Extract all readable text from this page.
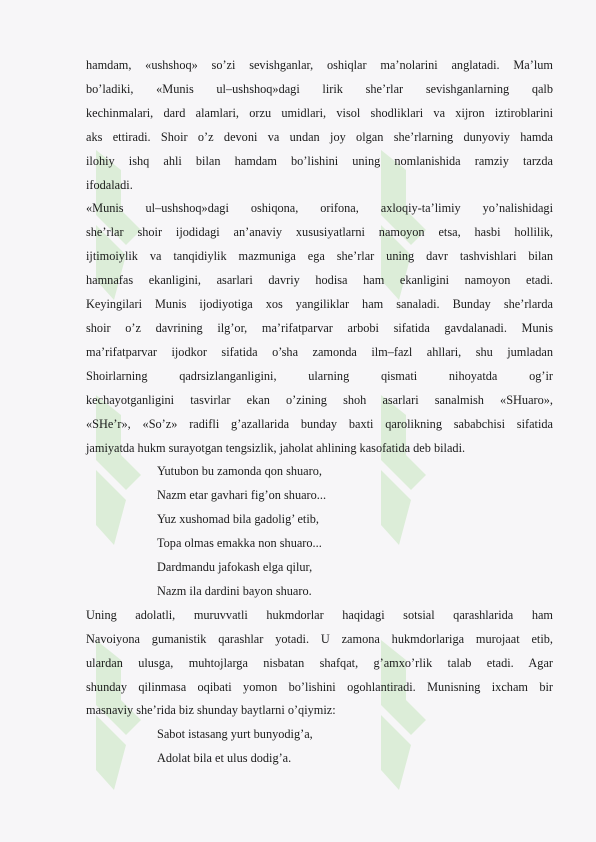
hamdam, «ushshoq» so’zi sevishganlar, oshiqlar ma’nolarini anglatadi. Ma’lum

bo’ladiki, «Munis ul–ushshoq»dagi lirik she’rlar sevishganlarning qalb

kechinmalari, dard alamlari, orzu umidlari, visol shodliklari va xijron iztiroblarini

aks ettiradi. Shoir o’z devoni va undan joy olgan she’rlarning dunyoviy hamda

ilohiy ishq ahli bilan hamdam bo’lishini uning nomlanishida ramziy tarzda

ifodaladi.

«Munis ul–ushshoq»dagi oshiqona, orifona, axloqiy-ta’limiy yo’nalishidagi

she’rlar shoir ijodidagi an’anaviy xususiyatlarni namoyon etsa, hasbi hollilik,

ijtimoiylik va tanqidiylik mazmuniga ega she’rlar uning davr tashvishlari bilan

hamnafas ekanligini, asarlari davriy hodisa ham ekanligini namoyon etadi.

Keyingilari Munis ijodiyotiga xos yangiliklar ham sanaladi. Bunday she’rlarda

shoir o’z davrining ilg’or, ma’rifatparvar arbobi sifatida gavdalanadi. Munis

ma’rifatparvar ijodkor sifatida o’sha zamonda ilm–fazl ahllari, shu jumladan

Shoirlarning qadrsizlanganligini, ularning qismati nihoyatda og’ir

kechayotganligini tasvirlar ekan o’zining shoh asarlari sanalmish «SHuaro»,

«SHe’r», «So’z» radifli g’azallarida bunday baxti qarolikning sababchisi sifatida

jamiyatda hukm surayotgan tengsizlik, jaholat ahlining kasofatida deb biladi.

Yutubon bu zamonda qon shuaro,

Nazm etar gavhari fig’on shuaro...

Yuz xushomad bila gadolig’ etib,

Topa olmas emakka non shuaro...

Dardmandu jafokash elga qilur,

Nazm ila dardini bayon shuaro.

Uning adolatli, muruvvatli hukmdorlar haqidagi sotsial qarashlarida ham

Navoiyona gumanistik qarashlar yotadi. U zamona hukmdorlariga murojaat etib,

ulardan ulusga, muhtojlarga nisbatan shafqat, g’amxo’rlik talab etadi. Agar

shunday qilinmasa oqibati yomon bo’lishini ogohlantiradi. Munisning ixcham bir

masnaviy she’rida biz shunday baytlarni o’qiymiz:

Sabot istasang yurt bunyodig’a,

Adolat bila et ulus dodig’a.
